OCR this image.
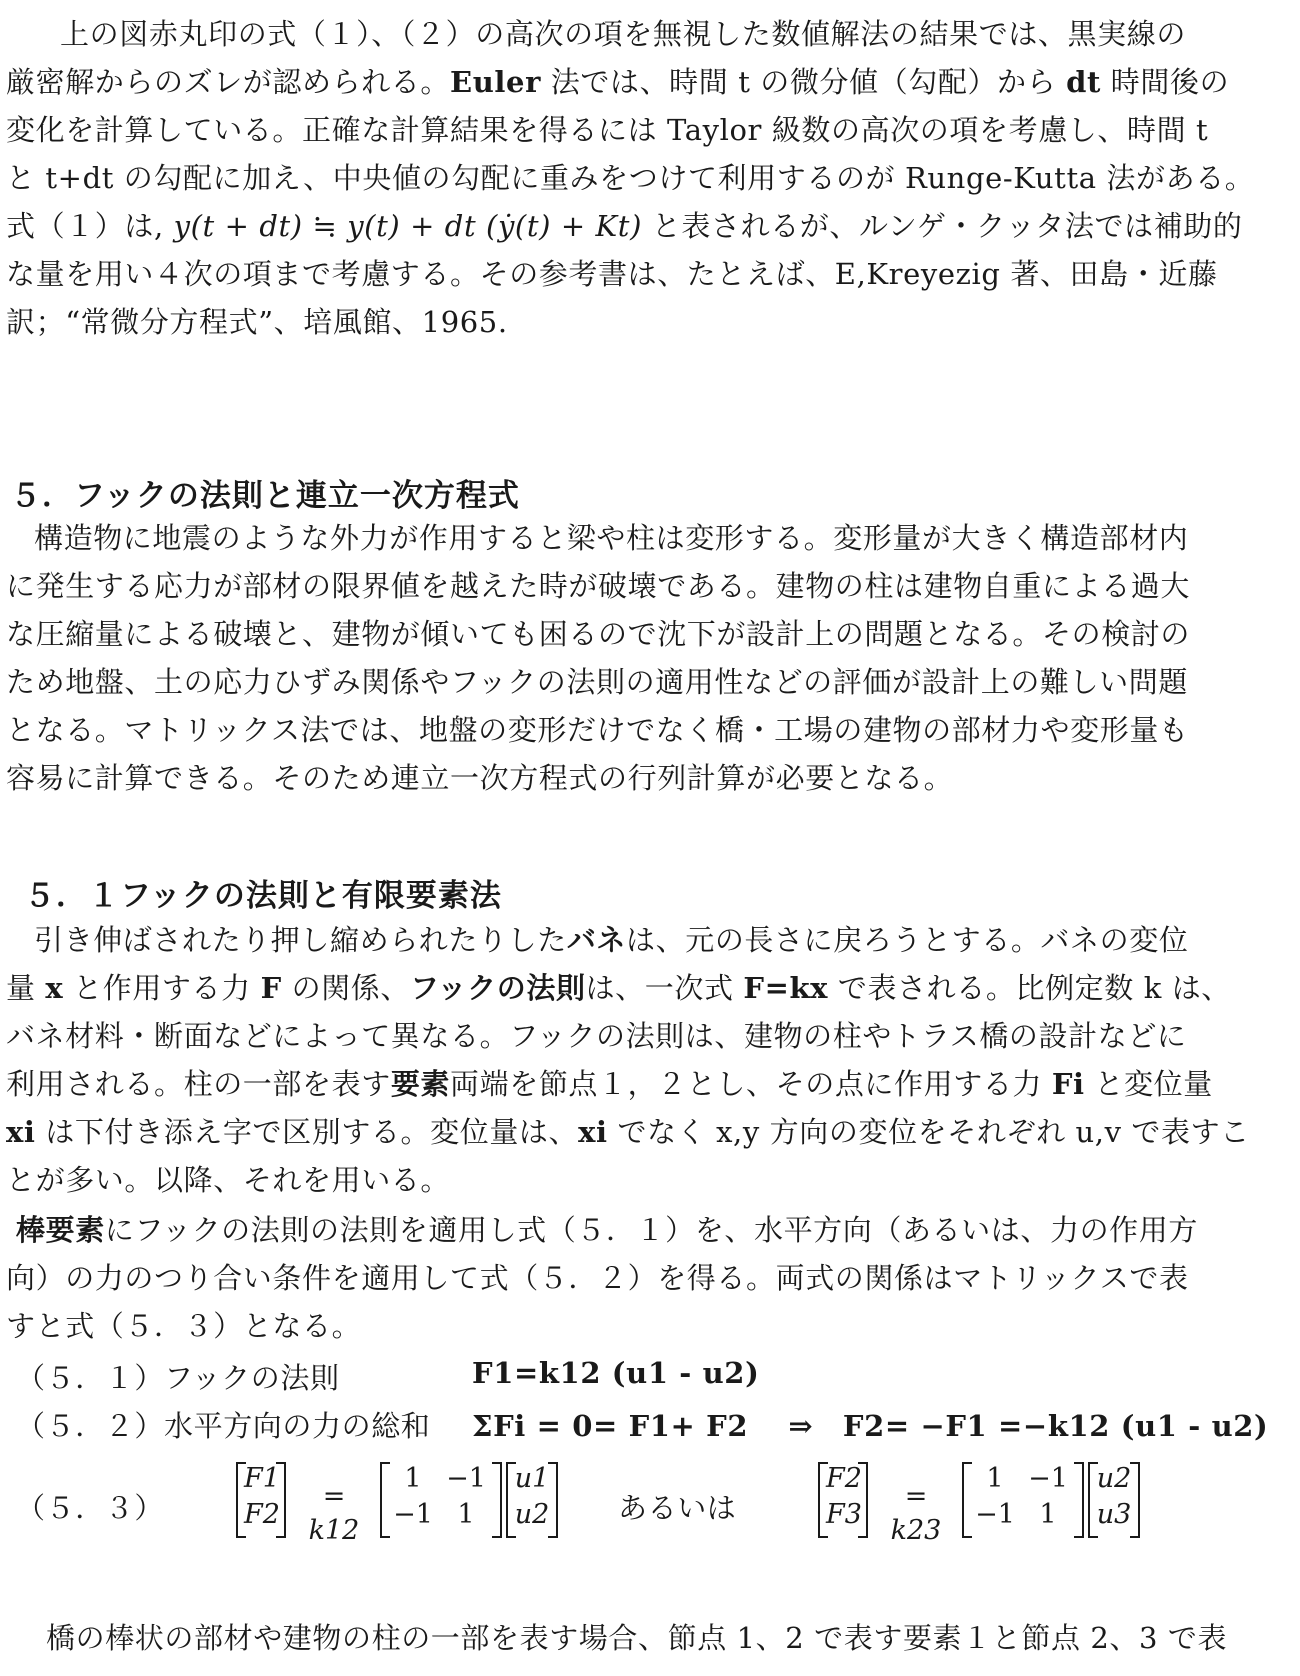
上の図赤丸印の式（１）、（２）の高次の項を無視した数値解法の結果では、黒実線の
厳密解からのズレが認められる。Euler 法では、時間 t の微分値（勾配）から dt 時間後の
変化を計算している。正確な計算結果を得るには Taylor 級数の高次の項を考慮し、時間 t
と t+dt の勾配に加え、中央値の勾配に重みをつけて利用するのが Runge-Kutta 法がある。
式（１）は, y(t + dt) ≒ y(t) + dt (ẏ(t) + Kt) と表されるが、ルンゲ・クッタ法では補助的
な量を用い４次の項まで考慮する。その参考書は、たとえば、E,Kreyezig 著、田島・近藤
訳；“常微分方程式”、培風館、1965.
５．フックの法則と連立一次方程式
構造物に地震のような外力が作用すると梁や柱は変形する。変形量が大きく構造部材内
に発生する応力が部材の限界値を越えた時が破壊である。建物の柱は建物自重による過大
な圧縮量による破壊と、建物が傾いても困るので沈下が設計上の問題となる。その検討の
ため地盤、土の応力ひずみ関係やフックの法則の適用性などの評価が設計上の難しい問題
となる。マトリックス法では、地盤の変形だけでなく橋・工場の建物の部材力や変形量も
容易に計算できる。そのため連立一次方程式の行列計算が必要となる。
５．１フックの法則と有限要素法
引き伸ばされたり押し縮められたりしたバネは、元の長さに戻ろうとする。バネの変位
量 x と作用する力 F の関係、フックの法則は、一次式 F=kx で表される。比例定数 k は、
バネ材料・断面などによって異なる。フックの法則は、建物の柱やトラス橋の設計などに
利用される。柱の一部を表す要素両端を節点１，２とし、その点に作用する力 Fi と変位量
xi は下付き添え字で区別する。変位量は、xi でなく x,y 方向の変位をそれぞれ u,v で表すこ
とが多い。以降、それを用いる。
棒要素にフックの法則の法則を適用し式（５．１）を、水平方向（あるいは、力の作用方
向）の力のつり合い条件を適用して式（５．２）を得る。両式の関係はマトリックスで表
すと式（５．３）となる。
（５．１）フックの法則	F1=k12 (u1 - u2)
（５．２）水平方向の力の総和 ΣFi = 0= F1+ F2　 ⇒　F2= −F1 =−k12 (u1 - u2)
（５．３）
F1
F2
= k12
1 −1
−1 1
u1
u2 あるいは
F2
F3
= k23
1 −1
−1 1
u2
u3
橋の棒状の部材や建物の柱の一部を表す場合、節点 1、2 で表す要素１と節点 2、3 で表
